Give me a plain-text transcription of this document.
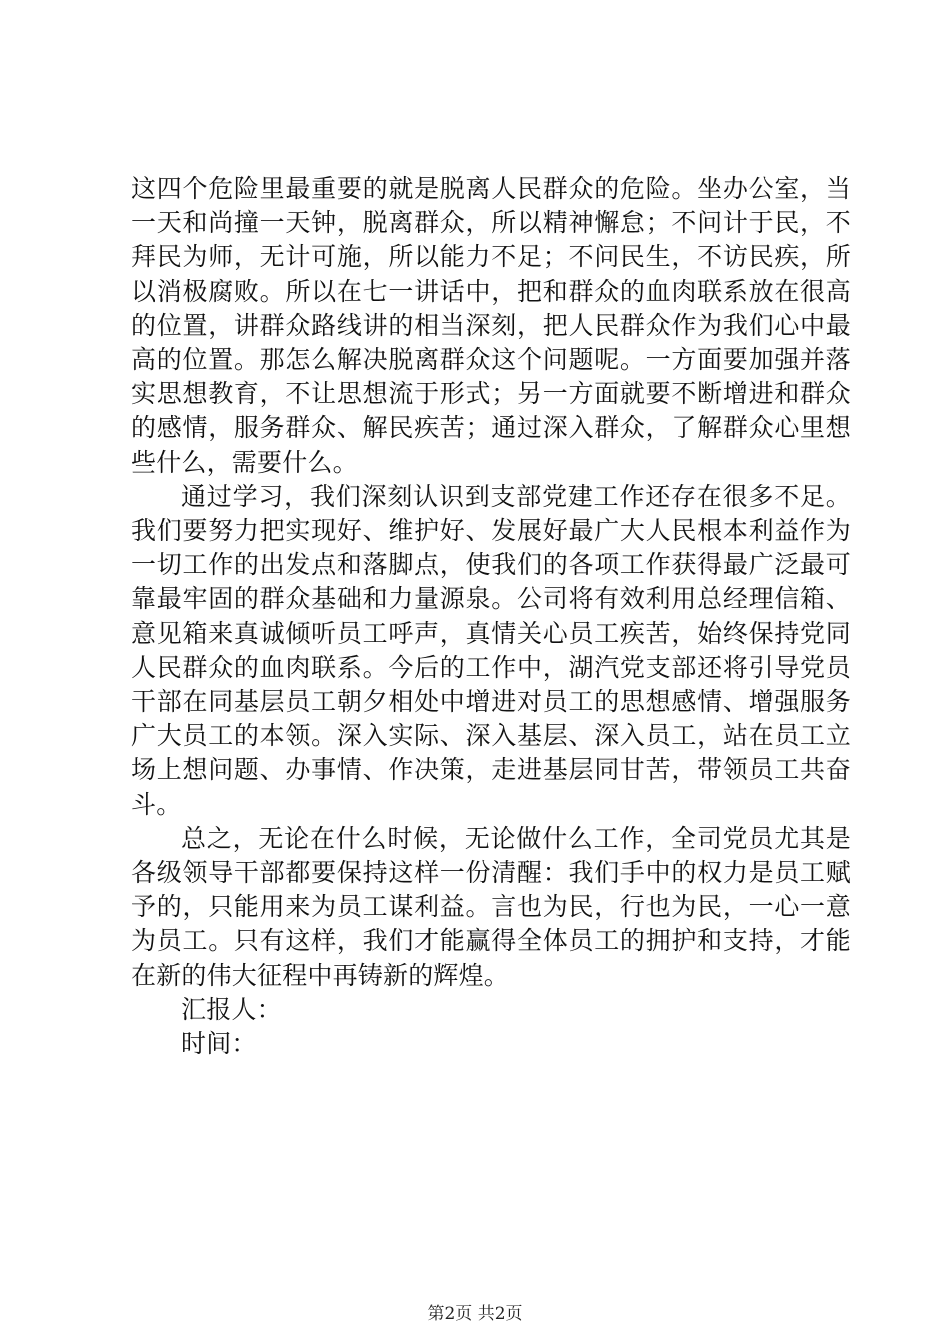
这四个危险里最重要的就是脱离人民群众的危险。坐办公室，当一天和尚撞一天钟，脱离群众，所以精神懈怠；不问计于民，不拜民为师，无计可施，所以能力不足；不问民生，不访民疾，所以消极腐败。所以在七一讲话中，把和群众的血肉联系放在很高的位置，讲群众路线讲的相当深刻，把人民群众作为我们心中最高的位置。那怎么解决脱离群众这个问题呢。一方面要加强并落实思想教育，不让思想流于形式；另一方面就要不断增进和群众的感情，服务群众、解民疾苦；通过深入群众，了解群众心里想些什么，需要什么。

通过学习，我们深刻认识到支部党建工作还存在很多不足。我们要努力把实现好、维护好、发展好最广大人民根本利益作为一切工作的出发点和落脚点，使我们的各项工作获得最广泛最可靠最牢固的群众基础和力量源泉。公司将有效利用总经理信箱、意见箱来真诚倾听员工呼声，真情关心员工疾苦，始终保持党同人民群众的血肉联系。今后的工作中，湖汽党支部还将引导党员干部在同基层员工朝夕相处中增进对员工的思想感情、增强服务广大员工的本领。深入实际、深入基层、深入员工，站在员工立场上想问题、办事情、作决策，走进基层同甘苦，带领员工共奋斗。

总之，无论在什么时候，无论做什么工作，全司党员尤其是各级领导干部都要保持这样一份清醒：我们手中的权力是员工赋予的，只能用来为员工谋利益。言也为民，行也为民，一心一意为员工。只有这样，我们才能赢得全体员工的拥护和支持，才能在新的伟大征程中再铸新的辉煌。

汇报人：

时间：

第2页 共2页
